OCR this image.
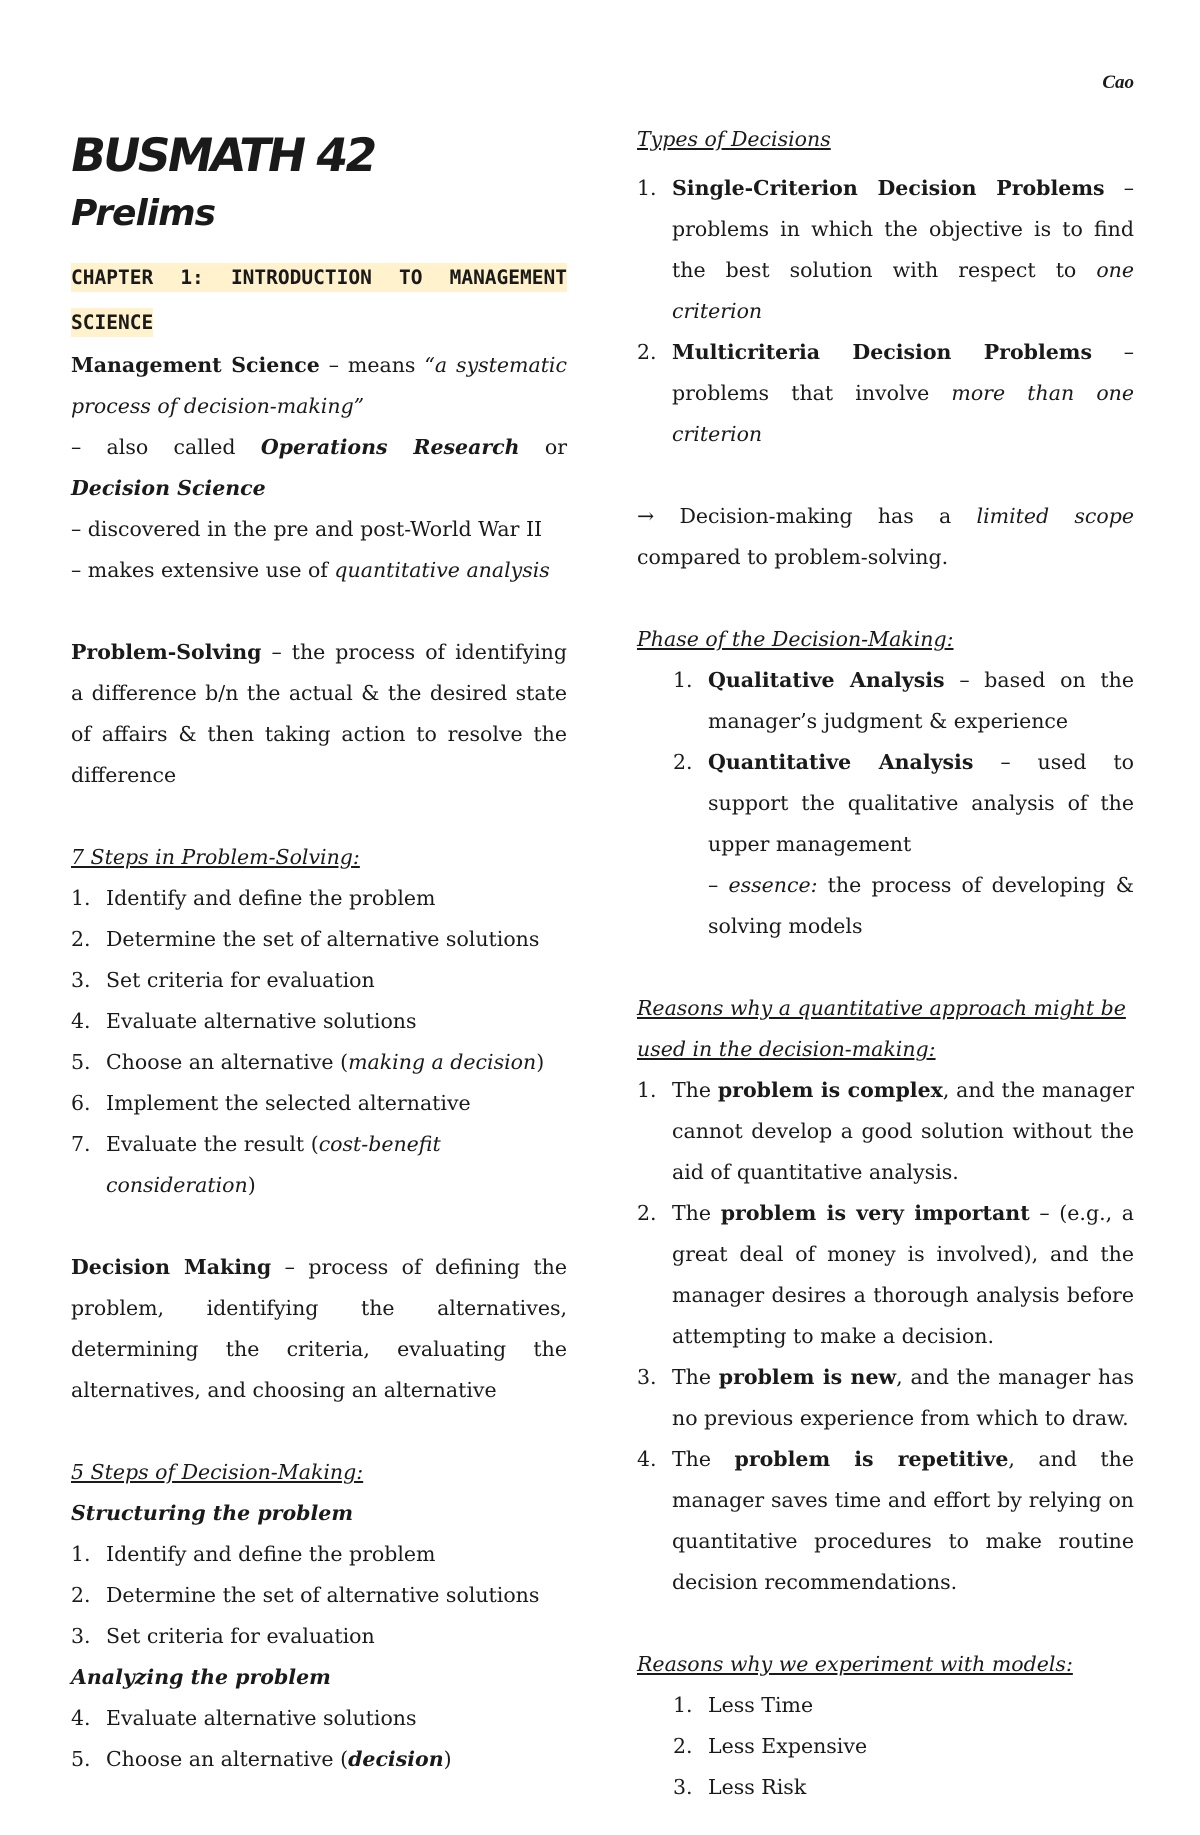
Cao
BUSMATH 42
Prelims
CHAPTER 1: INTRODUCTION TO MANAGEMENT
SCIENCE
Management Science – means “a systematic process of decision-making”
– also called Operations Research or Decision Science
– discovered in the pre and post-World War II
– makes extensive use of quantitative analysis
Problem-Solving – the process of identifying a difference b/n the actual & the desired state of affairs & then taking action to resolve the difference
7 Steps in Problem-Solving:
1. Identify and define the problem
2. Determine the set of alternative solutions
3. Set criteria for evaluation
4. Evaluate alternative solutions
5. Choose an alternative (making a decision)
6. Implement the selected alternative
7. Evaluate the result (cost-benefit consideration)
Decision Making – process of defining the problem, identifying the alternatives, determining the criteria, evaluating the alternatives, and choosing an alternative
5 Steps of Decision-Making:
Structuring the problem
1. Identify and define the problem
2. Determine the set of alternative solutions
3. Set criteria for evaluation
Analyzing the problem
4. Evaluate alternative solutions
5. Choose an alternative (decision)
Types of Decisions
1. Single-Criterion Decision Problems – problems in which the objective is to find the best solution with respect to one criterion
2. Multicriteria Decision Problems – problems that involve more than one criterion
→ Decision-making has a limited scope compared to problem-solving.
Phase of the Decision-Making:
1. Qualitative Analysis – based on the manager’s judgment & experience
2. Quantitative Analysis – used to support the qualitative analysis of the upper management
– essence: the process of developing & solving models
Reasons why a quantitative approach might be used in the decision-making:
1. The problem is complex, and the manager cannot develop a good solution without the aid of quantitative analysis.
2. The problem is very important – (e.g., a great deal of money is involved), and the manager desires a thorough analysis before attempting to make a decision.
3. The problem is new, and the manager has no previous experience from which to draw.
4. The problem is repetitive, and the manager saves time and effort by relying on quantitative procedures to make routine decision recommendations.
Reasons why we experiment with models:
1. Less Time
2. Less Expensive
3. Less Risk
